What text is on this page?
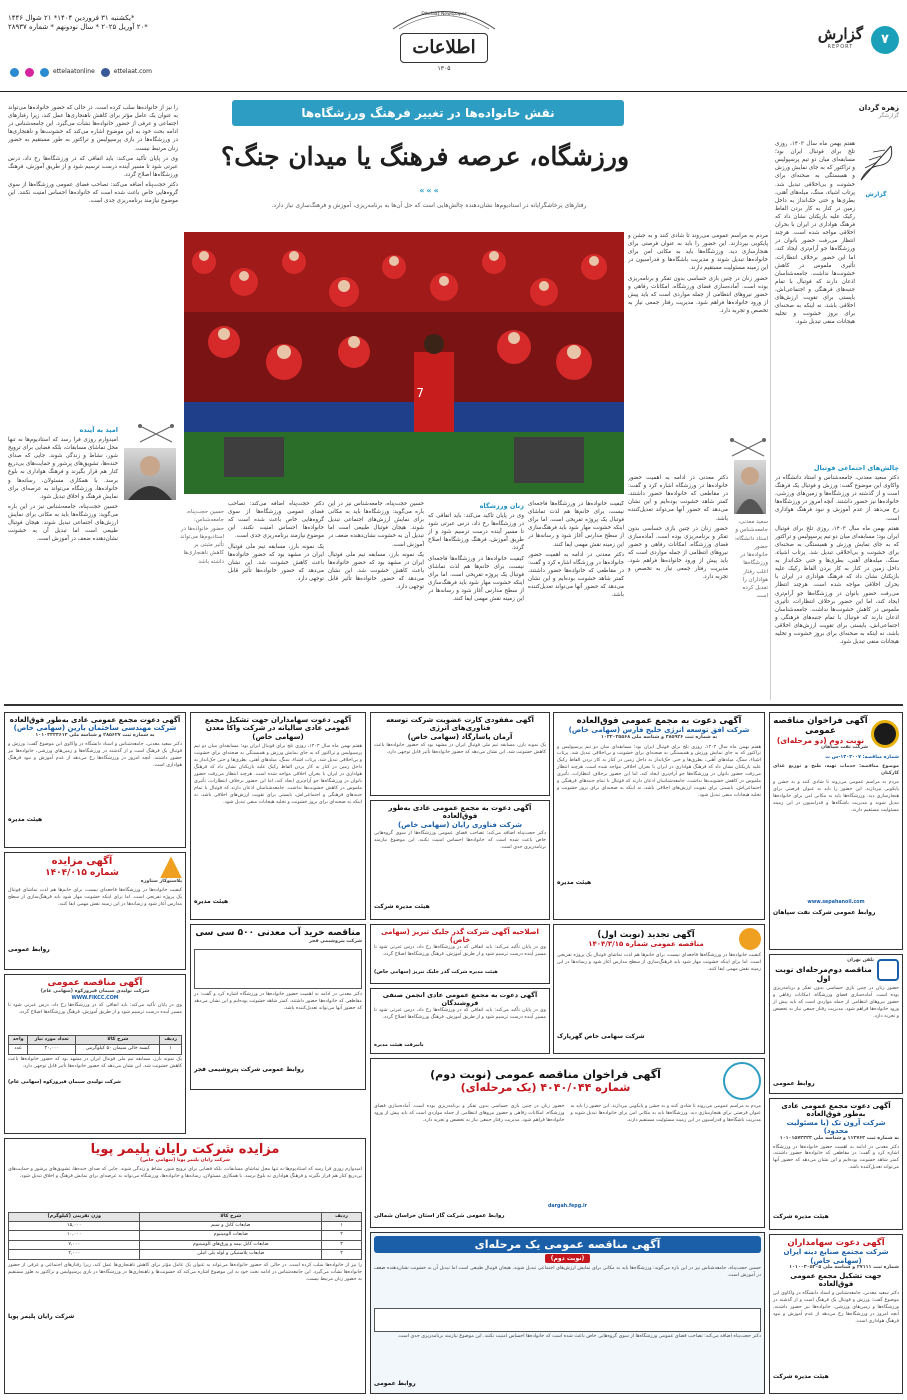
۷
گزارش
REPORT
Ettelaat Newspaper
اطلاعات
۱۳۰۵
*یکشنبه ۳۱ فروردین ۱۴۰۴* ۲۱ شوال ۱۴۴۶
*۲۰ آوریل ۲۰۲۵ * سال نودونهم * شماره ۲۸۹۳۷
ettelaatonline	ettelaat.com
نقش خانواده‌ها در تغییر فرهنگ ورزشگاه‌ها
ورزشگاه، عرصه فرهنگ یا میدان جنگ؟
»»»
رفتارهای پرخاشگرایانه در استادیوم‌ها نشان‌دهنده چالش‌هایی است که حل آن‌ها به برنامه‌ریزی، آموزش و فرهنگ‌سازی نیاز دارد.
زهره گردان
گزارشگر
گزارش

هفتم بهمن ماه سال ۱۴۰۳، روزی تلخ برای فوتبال ایران بود؛ مسابقه‌ای میان دو تیم پرسپولیس و تراکتور که به جای نمایش ورزش و همبستگی به صحنه‌ای برای خشونت و بی‌اخلاقی تبدیل شد. پرتاب اشیاء، سنگ، میله‌های آهنی، بطری‌ها و حتی حک‌انداز به داخل زمین در کنار به کار بردن الفاظ رکیک علیه بازیکنان نشان داد که فرهنگ هواداری در ایران با بحران اخلاقی مواجه شده است. هرچند انتظار می‌رفت حضور بانوان در ورزشگاه‌ها جو آرام‌تری ایجاد کند، اما این حضور برخلاف انتظارات، تأثیری ملموس در کاهش خشونت‌ها نداشت. جامعه‌شناسان اذعان دارند که فوتبال با تمام جنبه‌های فرهنگی و اجتماعی‌اش، بایستی برای تقویت ارزش‌های اخلاقی باشد، نه اینکه به صحنه‌ای برای بروز خشونت و تخلیه هیجانات منفی تبدیل شود.

چالش‌های اجتماعی فوتبال

دکتر سعید معدنی، جامعه‌شناس و استاد دانشگاه در واکاوی این موضوع گفت: ورزش و فوتبال یک فرهنگ است و از گذشته در ورزشگاه‌ها و زمین‌های ورزشی، خانواده‌ها نیز حضور داشتند. آنچه امروز در ورزشگاه‌ها رخ می‌دهد از عدم آموزش و نبود فرهنگ هواداری است.

هفتم بهمن ماه سال ۱۴۰۳، روزی تلخ برای فوتبال ایران بود؛ مسابقه‌ای میان دو تیم پرسپولیس و تراکتور که به جای نمایش ورزش و همبستگی به صحنه‌ای برای خشونت و بی‌اخلاقی تبدیل شد. پرتاب اشیاء، سنگ، میله‌های آهنی، بطری‌ها و حتی حک‌انداز به داخل زمین در کنار به کار بردن الفاظ رکیک علیه بازیکنان نشان داد که فرهنگ هواداری در ایران با بحران اخلاقی مواجه شده است. هرچند انتظار می‌رفت حضور بانوان در ورزشگاه‌ها جو آرام‌تری ایجاد کند، اما این حضور برخلاف انتظارات، تأثیری ملموس در کاهش خشونت‌ها نداشت. جامعه‌شناسان اذعان دارند که فوتبال با تمام جنبه‌های فرهنگی و اجتماعی‌اش، بایستی برای تقویت ارزش‌های اخلاقی باشد، نه اینکه به صحنه‌ای برای بروز خشونت و تخلیه هیجانات منفی تبدیل شود.

مردم به مراسم عمومی می‌روند تا شادی کنند و به جشن و پایکوبی بپردازند. این حضور را باید به عنوان فرصتی برای هنجارسازی دید. ورزشگاه‌ها باید به مکانی امن برای خانواده‌ها تبدیل شوند و مدیریت باشگاه‌ها و فدراسیون در این زمینه مسئولیت مستقیم دارند.

حضور زنان در چنین بازی حساسی بدون تفکر و برنامه‌ریزی بوده است. آماده‌سازی فضای ورزشگاه، امکانات رفاهی و حضور نیروهای انتظامی از جمله مواردی است که باید پیش از ورود خانواده‌ها فراهم شود. مدیریت رفتار جمعی نیاز به تخصص و تجربه دارد.

دکتر معدنی در ادامه به اهمیت حضور خانواده‌ها در ورزشگاه اشاره کرد و گفت: در مقاطعی که خانواده‌ها حضور داشتند، کمتر شاهد خشونت بوده‌ایم و این نشان می‌دهد که حضور آنها می‌تواند تعدیل‌کننده باشد.

حضور زنان در چنین بازی حساسی بدون تفکر و برنامه‌ریزی بوده است. آماده‌سازی فضای ورزشگاه، امکانات رفاهی و حضور نیروهای انتظامی از جمله مواردی است که باید پیش از ورود خانواده‌ها فراهم شود. مدیریت رفتار جمعی نیاز به تخصص و تجربه دارد.

سعید معدنی، جامعه‌شناس و استاد دانشگاه: حضور خانواده‌ها در ورزشگاه‌ها اغلب رفتار هواداران را تعدیل کرده است
7

کیفیت خانواده‌ها در ورزشگاه‌ها فاجعه‌ای نیست، برای خانم‌ها هم لذت تماشای فوتبال یک پروژه تفریحی است. اما برای اینکه خشونت مهار شود باید فرهنگ‌سازی از سطح مدارس آغاز شود و رسانه‌ها در این زمینه نقش مهمی ایفا کنند.

دکتر معدنی در ادامه به اهمیت حضور خانواده‌ها در ورزشگاه اشاره کرد و گفت: در مقاطعی که خانواده‌ها حضور داشتند، کمتر شاهد خشونت بوده‌ایم و این نشان می‌دهد که حضور آنها می‌تواند تعدیل‌کننده باشد.

زنان ورزشگاه

وی در پایان تأکید می‌کند: باید اتفاقی که در ورزشگاه‌ها رخ داد، درس عبرتی شود تا مسیر آینده درست ترسیم شود و از طریق آموزش، فرهنگ ورزشگاه‌ها اصلاح گردد.

کیفیت خانواده‌ها در ورزشگاه‌ها فاجعه‌ای نیست، برای خانم‌ها هم لذت تماشای فوتبال یک پروژه تفریحی است. اما برای اینکه خشونت مهار شود باید فرهنگ‌سازی از سطح مدارس آغاز شود و رسانه‌ها در این زمینه نقش مهمی ایفا کنند.

حسین حجت‌پناه، جامعه‌شناس نیز در این باره می‌گوید: ورزشگاه‌ها باید به مکانی برای نمایش ارزش‌های اجتماعی تبدیل شوند. هیجان فوتبال طبیعی است اما تبدیل آن به خشونت نشان‌دهنده ضعف در آموزش است.

یک نمونه بارز، مسابقه تیم ملی فوتبال ایران در مشهد بود که حضور خانواده‌ها باعث کاهش خشونت شد. این نشان می‌دهد که حضور خانواده‌ها تأثیر قابل توجهی دارد.

دکتر حجت‌پناه اضافه می‌کند: تصاحب فضای عمومی ورزشگاه‌ها از سوی گروه‌هایی خاص باعث شده است که خانواده‌ها احساس امنیت نکنند. این موضوع نیازمند برنامه‌ریزی جدی است.

یک نمونه بارز، مسابقه تیم ملی فوتبال ایران در مشهد بود که حضور خانواده‌ها باعث کاهش خشونت شد. این نشان می‌دهد که حضور خانواده‌ها تأثیر قابل توجهی دارد.

حسین حجت‌پناه، جامعه‌شناس: حضور خانواده‌ها در استادیوم‌ها می‌تواند تأثیر مثبتی بر کاهش ناهنجاری‌ها داشته باشد

را نیز از خانواده‌ها سلب کرده است. در حالی که حضور خانواده‌ها می‌تواند به عنوان یک عامل مؤثر برای کاهش ناهنجاری‌ها عمل کند، زیرا رفتارهای اجتماعی و عرفی از حضور خانواده‌ها نشأت می‌گیرد. این جامعه‌شناس در ادامه بحث خود به این موضوع اشاره می‌کند که خشونت‌ها و ناهنجاری‌ها در ورزشگاه‌ها در بازی پرسپولیس و تراکتور به طور مستقیم به حضور زنان مرتبط نیست.

وی در پایان تأکید می‌کند: باید اتفاقی که در ورزشگاه‌ها رخ داد، درس عبرتی شود تا مسیر آینده درست ترسیم شود و از طریق آموزش، فرهنگ ورزشگاه‌ها اصلاح گردد.

دکتر حجت‌پناه اضافه می‌کند: تصاحب فضای عمومی ورزشگاه‌ها از سوی گروه‌هایی خاص باعث شده است که خانواده‌ها احساس امنیت نکنند. این موضوع نیازمند برنامه‌ریزی جدی است.

امید به آینده

امیدوارم روزی فرا رسد که استادیوم‌ها نه تنها محل تماشای مسابقات، بلکه فضایی برای ترویج شور، نشاط و زندگی شوند. جایی که صدای خنده‌ها، تشویق‌های پرشور و حمایت‌های بی‌دریغ کنار هم قرار بگیرند و فرهنگ هواداری به بلوغ برسد. با همکاری مسئولان، رسانه‌ها و خانواده‌ها، ورزشگاه می‌تواند به عرصه‌ای برای نمایش فرهنگ و اخلاق تبدیل شود.

حسین حجت‌پناه، جامعه‌شناس نیز در این باره می‌گوید: ورزشگاه‌ها باید به مکانی برای نمایش ارزش‌های اجتماعی تبدیل شوند. هیجان فوتبال طبیعی است اما تبدیل آن به خشونت نشان‌دهنده ضعف در آموزش است.

آگهی فراخوان مناقصه عمومی
نوبت دوم (دو مرحله‌ای)
شرکت نفت سپاهان
شماره مناقصه: ۱۴۰۳۰۰۷-س ت
موضوع مناقصه: خدمات تهیه، طبخ و توزیع غذای کارکنان
مردم به مراسم عمومی می‌روند تا شادی کنند و به جشن و پایکوبی بپردازند. این حضور را باید به عنوان فرصتی برای هنجارسازی دید. ورزشگاه‌ها باید به مکانی امن برای خانواده‌ها تبدیل شوند و مدیریت باشگاه‌ها و فدراسیون در این زمینه مسئولیت مستقیم دارند.
www.sepahanoil.com
روابط عمومی شرکت نفت سپاهان
تلفن تهران
مناقصه دوم‌مرحله‌ای نوبت اول
حضور زنان در چنین بازی حساسی بدون تفکر و برنامه‌ریزی بوده است. آماده‌سازی فضای ورزشگاه، امکانات رفاهی و حضور نیروهای انتظامی از جمله مواردی است که باید پیش از ورود خانواده‌ها فراهم شود. مدیریت رفتار جمعی نیاز به تخصص و تجربه دارد.
روابط عمومی
آگهی دعوت مجمع عمومی عادی به‌طور فوق‌العاده
شرکت آرون تک (با مسئولیت محدود)
به شماره ثبت ۱۱۳۷۶۴ و شناسه ملی ۱۰۱۰۱۵۷۴۴۲۳
دکتر معدنی در ادامه به اهمیت حضور خانواده‌ها در ورزشگاه اشاره کرد و گفت: در مقاطعی که خانواده‌ها حضور داشتند، کمتر شاهد خشونت بوده‌ایم و این نشان می‌دهد که حضور آنها می‌تواند تعدیل‌کننده باشد.
هیئت مدیره شرکت
آگهی دعوت سهامداران
شرکت مجتمع صنایع دینه ایران (سهامی خاص)
شماره ثبت ۲۷۱۱۱ و شناسه ملی ۱۰۱۰۰۳۰۵۳۰۵
جهت تشکیل مجمع عمومی فوق‌العاده
دکتر سعید معدنی، جامعه‌شناس و استاد دانشگاه در واکاوی این موضوع گفت: ورزش و فوتبال یک فرهنگ است و از گذشته در ورزشگاه‌ها و زمین‌های ورزشی، خانواده‌ها نیز حضور داشتند. آنچه امروز در ورزشگاه‌ها رخ می‌دهد از عدم آموزش و نبود فرهنگ هواداری است.
هیئت مدیره شرکت
آگهی دعوت به مجمع عمومی فوق‌العاده
شرکت افق توسعه انرژی خلیج فارس (سهامی خاص)
به شماره ثبت ۳۸۵۹۲۶ و شناسه ملی ۱۰۳۲۰۳۵۵۶۸
هفتم بهمن ماه سال ۱۴۰۳، روزی تلخ برای فوتبال ایران بود؛ مسابقه‌ای میان دو تیم پرسپولیس و تراکتور که به جای نمایش ورزش و همبستگی به صحنه‌ای برای خشونت و بی‌اخلاقی تبدیل شد. پرتاب اشیاء، سنگ، میله‌های آهنی، بطری‌ها و حتی حک‌انداز به داخل زمین در کنار به کار بردن الفاظ رکیک علیه بازیکنان نشان داد که فرهنگ هواداری در ایران با بحران اخلاقی مواجه شده است. هرچند انتظار می‌رفت حضور بانوان در ورزشگاه‌ها جو آرام‌تری ایجاد کند، اما این حضور برخلاف انتظارات، تأثیری ملموس در کاهش خشونت‌ها نداشت. جامعه‌شناسان اذعان دارند که فوتبال با تمام جنبه‌های فرهنگی و اجتماعی‌اش، بایستی برای تقویت ارزش‌های اخلاقی باشد، نه اینکه به صحنه‌ای برای بروز خشونت و تخلیه هیجانات منفی تبدیل شود.
هیئت مدیره
آگهی تجدید (نوبت اول)
مناقصه عمومی شماره ۱۴۰۴/۳/۱۵
کیفیت خانواده‌ها در ورزشگاه‌ها فاجعه‌ای نیست، برای خانم‌ها هم لذت تماشای فوتبال یک پروژه تفریحی است. اما برای اینکه خشونت مهار شود باید فرهنگ‌سازی از سطح مدارس آغاز شود و رسانه‌ها در این زمینه نقش مهمی ایفا کنند.
شرکت سهامی خاص گهرپارک
آگهی مفقودی کارت عضویت شرکت توسعه فناوری‌های انرژی
آرمان پاسارگاد (سهامی خاص)
یک نمونه بارز، مسابقه تیم ملی فوتبال ایران در مشهد بود که حضور خانواده‌ها باعث کاهش خشونت شد. این نشان می‌دهد که حضور خانواده‌ها تأثیر قابل توجهی دارد.
آگهی دعوت به مجمع عمومی عادی به‌طور فوق‌العاده
شرکت فناوری رایان (سهامی خاص)
دکتر حجت‌پناه اضافه می‌کند: تصاحب فضای عمومی ورزشگاه‌ها از سوی گروه‌هایی خاص باعث شده است که خانواده‌ها احساس امنیت نکنند. این موضوع نیازمند برنامه‌ریزی جدی است.
هیئت مدیره شرکت
اصلاحیه آگهی شرکت گذر جلیک تبریز (سهامی خاص)
وی در پایان تأکید می‌کند: باید اتفاقی که در ورزشگاه‌ها رخ داد، درس عبرتی شود تا مسیر آینده درست ترسیم شود و از طریق آموزش، فرهنگ ورزشگاه‌ها اصلاح گردد.
هیئت مدیره شرکت گذر جلیک تبریز (سهامی خاص)
آگهی دعوت به مجمع عمومی عادی انجمن صنفی فروشندگان
وی در پایان تأکید می‌کند: باید اتفاقی که در ورزشگاه‌ها رخ داد، درس عبرتی شود تا مسیر آینده درست ترسیم شود و از طریق آموزش، فرهنگ ورزشگاه‌ها اصلاح گردد.
بانبرفت هیئت مدیره
آگهی فراخوان مناقصه عمومی (نوبت دوم)
شماره ۴۰۴۰/۰۴۴ (یک مرحله‌ای)
مردم به مراسم عمومی می‌روند تا شادی کنند و به جشن و پایکوبی بپردازند. این حضور را باید به عنوان فرصتی برای هنجارسازی دید. ورزشگاه‌ها باید به مکانی امن برای خانواده‌ها تبدیل شوند و مدیریت باشگاه‌ها و فدراسیون در این زمینه مسئولیت مستقیم دارند.
حضور زنان در چنین بازی حساسی بدون تفکر و برنامه‌ریزی بوده است. آماده‌سازی فضای ورزشگاه، امکانات رفاهی و حضور نیروهای انتظامی از جمله مواردی است که باید پیش از ورود خانواده‌ها فراهم شود. مدیریت رفتار جمعی نیاز به تخصص و تجربه دارد.
dargah.fepg.ir
روابط عمومی شرکت گاز استان خراسان شمالی
آگهی مناقصه عمومی یک مرحله‌ای
(نوبت دوم)
حسین حجت‌پناه، جامعه‌شناس نیز در این باره می‌گوید: ورزشگاه‌ها باید به مکانی برای نمایش ارزش‌های اجتماعی تبدیل شوند. هیجان فوتبال طبیعی است اما تبدیل آن به خشونت نشان‌دهنده ضعف در آموزش است.
دکتر حجت‌پناه اضافه می‌کند: تصاحب فضای عمومی ورزشگاه‌ها از سوی گروه‌هایی خاص باعث شده است که خانواده‌ها احساس امنیت نکنند. این موضوع نیازمند برنامه‌ریزی جدی است.
روابط عمومی
آگهی دعوت سهامداران جهت تشکیل مجمع عمومی عادی سالیانه در شرکت واکا معدن
(سهامی خاص)
هفتم بهمن ماه سال ۱۴۰۳، روزی تلخ برای فوتبال ایران بود؛ مسابقه‌ای میان دو تیم پرسپولیس و تراکتور که به جای نمایش ورزش و همبستگی به صحنه‌ای برای خشونت و بی‌اخلاقی تبدیل شد. پرتاب اشیاء، سنگ، میله‌های آهنی، بطری‌ها و حتی حک‌انداز به داخل زمین در کنار به کار بردن الفاظ رکیک علیه بازیکنان نشان داد که فرهنگ هواداری در ایران با بحران اخلاقی مواجه شده است. هرچند انتظار می‌رفت حضور بانوان در ورزشگاه‌ها جو آرام‌تری ایجاد کند، اما این حضور برخلاف انتظارات، تأثیری ملموس در کاهش خشونت‌ها نداشت. جامعه‌شناسان اذعان دارند که فوتبال با تمام جنبه‌های فرهنگی و اجتماعی‌اش، بایستی برای تقویت ارزش‌های اخلاقی باشد، نه اینکه به صحنه‌ای برای بروز خشونت و تخلیه هیجانات منفی تبدیل شود.
هیئت مدیره
مناقصه خرید آب معدنی ۵۰۰ سی سی
شرکت پتروشیمی فجر
دکتر معدنی در ادامه به اهمیت حضور خانواده‌ها در ورزشگاه اشاره کرد و گفت: در مقاطعی که خانواده‌ها حضور داشتند، کمتر شاهد خشونت بوده‌ایم و این نشان می‌دهد که حضور آنها می‌تواند تعدیل‌کننده باشد.
روابط عمومی شرکت پتروشیمی فجر
آگهی دعوت مجمع عمومی عادی به‌طور فوق‌العاده
شرکت مهندسی ساختمان بارین (سهامی خاص)
به شماره ثبت ۲۸۵۶۲۷ و شناسه ملی ۱۰۱۰۳۳۴۳۶۱۳
دکتر سعید معدنی، جامعه‌شناس و استاد دانشگاه در واکاوی این موضوع گفت: ورزش و فوتبال یک فرهنگ است و از گذشته در ورزشگاه‌ها و زمین‌های ورزشی، خانواده‌ها نیز حضور داشتند. آنچه امروز در ورزشگاه‌ها رخ می‌دهد از عدم آموزش و نبود فرهنگ هواداری است.
هیئت مدیره
آگهی مزایده
شماره ۱۴۰۴/۰۱۵
پلاستوکار ستاوره
کیفیت خانواده‌ها در ورزشگاه‌ها فاجعه‌ای نیست، برای خانم‌ها هم لذت تماشای فوتبال یک پروژه تفریحی است. اما برای اینکه خشونت مهار شود باید فرهنگ‌سازی از سطح مدارس آغاز شود و رسانه‌ها در این زمینه نقش مهمی ایفا کنند.
روابط عمومی
آگهی مناقصه عمومی
شرکت تولیدی سیمان فیروزکوه (سهامی عام)
WWW.FIKCC.COM
وی در پایان تأکید می‌کند: باید اتفاقی که در ورزشگاه‌ها رخ داد، درس عبرتی شود تا مسیر آینده درست ترسیم شود و از طریق آموزش، فرهنگ ورزشگاه‌ها اصلاح گردد.
ردیف	شرح کالا	تعداد مورد نیاز	واحد
۱	کیسه خالی سیمان ۵۰ کیلوگرمی	۳۰,۰۰۰	عدد
یک نمونه بارز، مسابقه تیم ملی فوتبال ایران در مشهد بود که حضور خانواده‌ها باعث کاهش خشونت شد. این نشان می‌دهد که حضور خانواده‌ها تأثیر قابل توجهی دارد.
شرکت تولیدی سیمان فیروزکوه (سهامی عام)
مزایده شرکت رایان پلیمر پویا
شرکت رایان پلیمر پویا (سهامی خاص)
امیدوارم روزی فرا رسد که استادیوم‌ها نه تنها محل تماشای مسابقات، بلکه فضایی برای ترویج شور، نشاط و زندگی شوند. جایی که صدای خنده‌ها، تشویق‌های پرشور و حمایت‌های بی‌دریغ کنار هم قرار بگیرند و فرهنگ هواداری به بلوغ برسد. با همکاری مسئولان، رسانه‌ها و خانواده‌ها، ورزشگاه می‌تواند به عرصه‌ای برای نمایش فرهنگ و اخلاق تبدیل شود.
ردیف	شرح کالا	وزن تقریبی (کیلوگرم)
۱	ضایعات کابل و سیم	۱۵,۰۰۰
۲	ضایعات آلومینیوم	۱۰,۰۰۰
۳	ضایعات کابل بیمه و ورق‌های آلومینیوم	۷,۰۰۰
۴	ضایعات پلاستیکی و لوله پلی اتیلن	۲,۰۰۰
را نیز از خانواده‌ها سلب کرده است. در حالی که حضور خانواده‌ها می‌تواند به عنوان یک عامل مؤثر برای کاهش ناهنجاری‌ها عمل کند، زیرا رفتارهای اجتماعی و عرفی از حضور خانواده‌ها نشأت می‌گیرد. این جامعه‌شناس در ادامه بحث خود به این موضوع اشاره می‌کند که خشونت‌ها و ناهنجاری‌ها در ورزشگاه‌ها در بازی پرسپولیس و تراکتور به طور مستقیم به حضور زنان مرتبط نیست.
شرکت رایان پلیمر پویا
